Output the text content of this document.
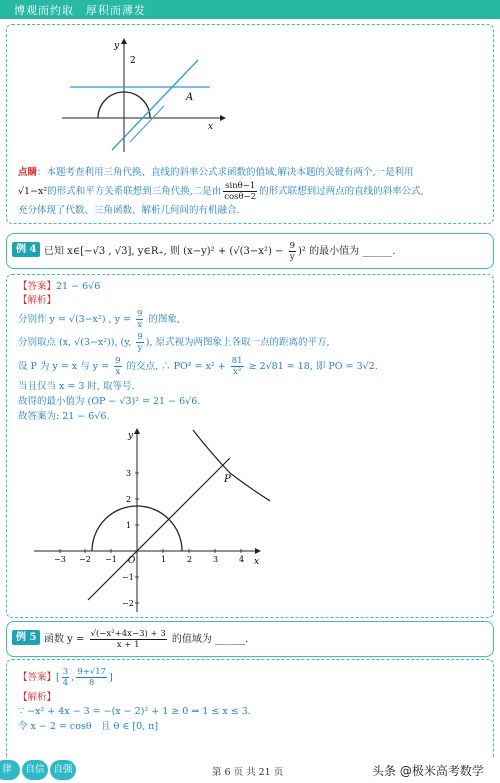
博观而约取　厚积而薄发
y
2
A
x
点睛：本题考查利用三角代换、直线的斜率公式求函数的值域,解决本题的关键有两个,一是利用
√1−x²的形式和平方关系联想到三角代换,二是由 $\frac{\sin\theta-1}{\cos\theta-2}$ 的形式联想到过两点的直线的斜率公式,
充分体现了代数、三角函数、解析几何间的有机融合.
例 4 已知 x∈[−√3 , √3], y∈R₊, 则 $(x-y)^2 + (√(3-x^2) - \frac{9}{y} )^2$ 的最小值为 ______.
【答案】21 − 6√6
【解析】
分别作 y = √(3−x²) , $y = \frac{9}{x}$ 的图象,
分别取点 (x, √(3−x²)), (y, $\frac{9}{y}$ ), 原式视为两图象上各取一点的距离的平方,
设 P 为 y = x 与 $y = \frac{9}{x}$ 的交点, ∴ $PO^2 = x^2 + \frac{81}{\text{x²}} \ge 2√81 = 18$, 即 PO = 3√2.
当且仅当 x = 3 时, 取等号.
故得的最小值为 (OP − √3)² = 21 − 6√6.
故答案为: 21 − 6√6.
y
x
O
P
−3 −2 −1	1	2	3	4
3
2
1
−1
−2
例 5 函数 $y = \frac{\text{√(−x²+4x−3) + 3}}{x + 1}$ 的值域为 ______.
【答案】[ $\frac{3}{4}$ , $\frac{9+√17}{8}$ ]
【解析】
∵ −x² + 4x − 3 = −(x − 2)² + 1 ≥ 0 ⇒ 1 ≤ x ≤ 3.
令 x − 2 = cosθ　且 θ ∈ [0, π]
律	自信 自强	第 6 页 共 21 页	头条 @极米高考数学
